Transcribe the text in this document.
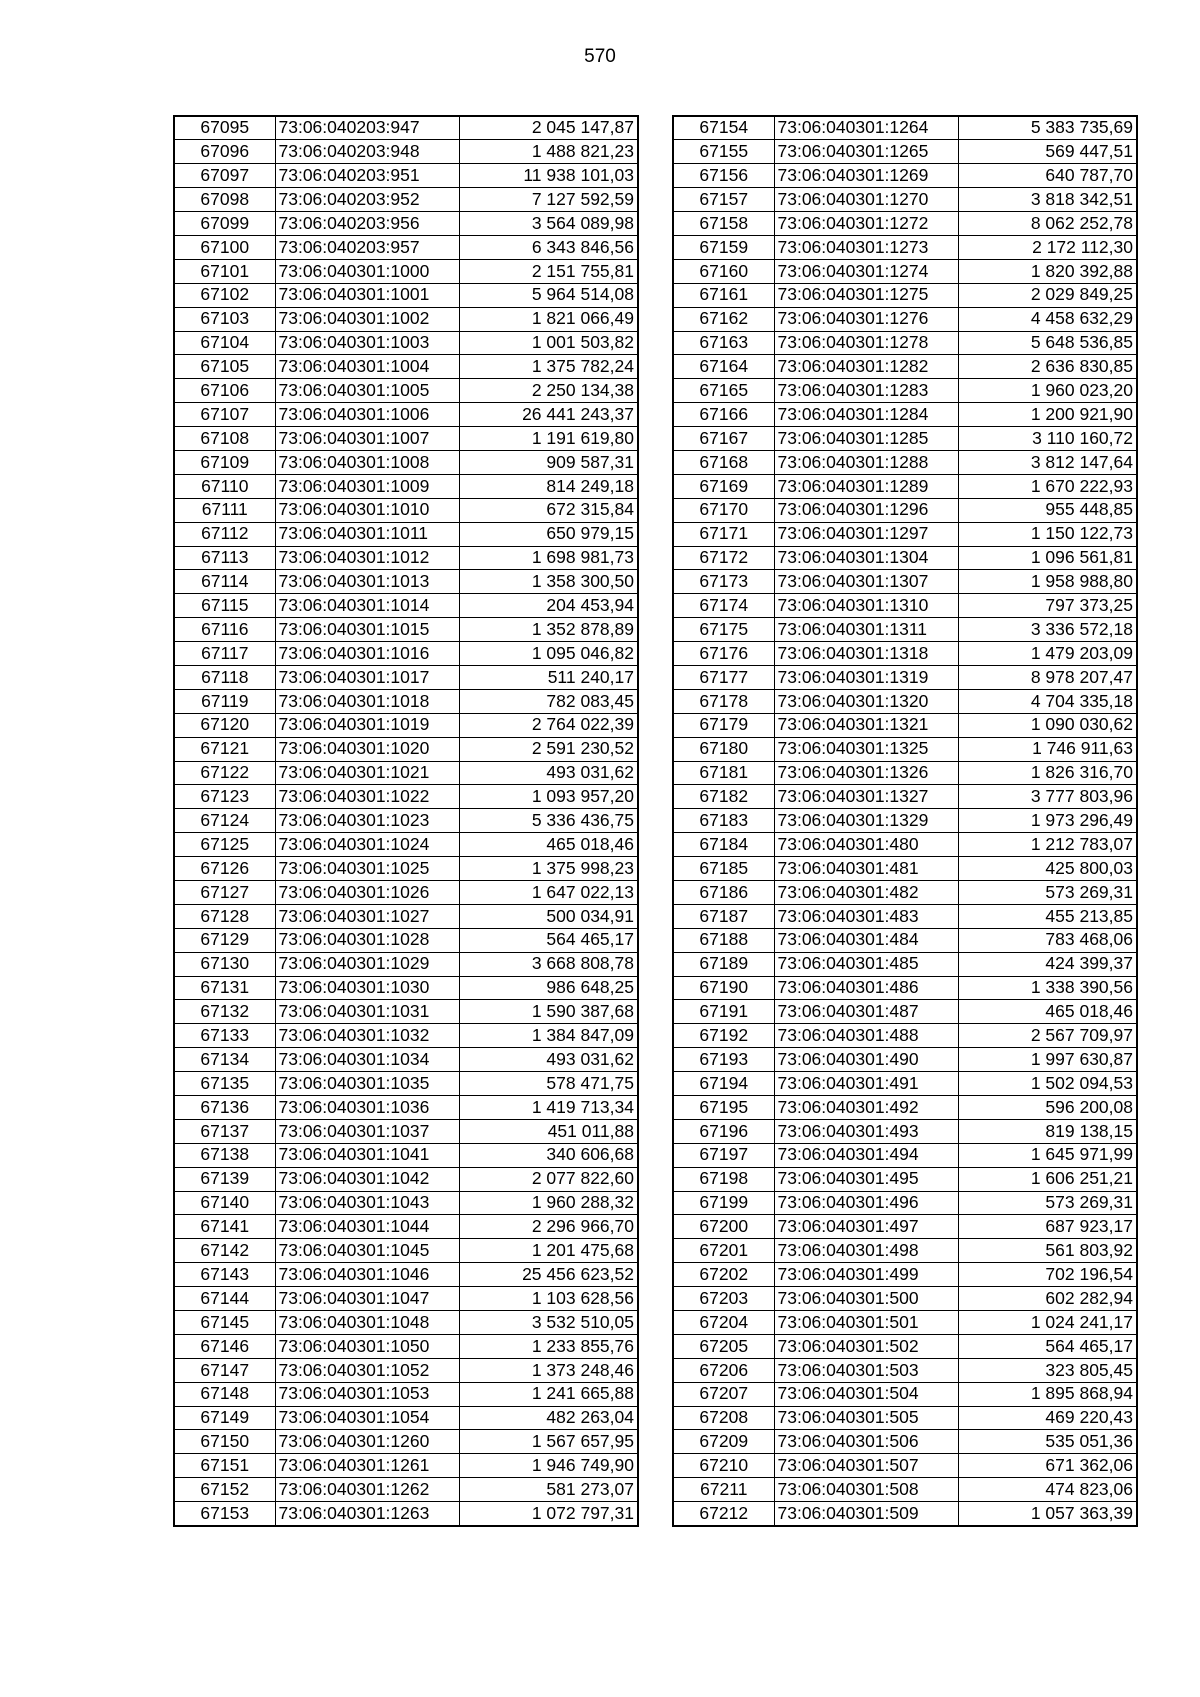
570
67095	73:06:040203:947	2 045 147,87
67096	73:06:040203:948	1 488 821,23
67097	73:06:040203:951	11 938 101,03
67098	73:06:040203:952	7 127 592,59
67099	73:06:040203:956	3 564 089,98
67100	73:06:040203:957	6 343 846,56
67101	73:06:040301:1000	2 151 755,81
67102	73:06:040301:1001	5 964 514,08
67103	73:06:040301:1002	1 821 066,49
67104	73:06:040301:1003	1 001 503,82
67105	73:06:040301:1004	1 375 782,24
67106	73:06:040301:1005	2 250 134,38
67107	73:06:040301:1006	26 441 243,37
67108	73:06:040301:1007	1 191 619,80
67109	73:06:040301:1008	909 587,31
67110	73:06:040301:1009	814 249,18
67111	73:06:040301:1010	672 315,84
67112	73:06:040301:1011	650 979,15
67113	73:06:040301:1012	1 698 981,73
67114	73:06:040301:1013	1 358 300,50
67115	73:06:040301:1014	204 453,94
67116	73:06:040301:1015	1 352 878,89
67117	73:06:040301:1016	1 095 046,82
67118	73:06:040301:1017	511 240,17
67119	73:06:040301:1018	782 083,45
67120	73:06:040301:1019	2 764 022,39
67121	73:06:040301:1020	2 591 230,52
67122	73:06:040301:1021	493 031,62
67123	73:06:040301:1022	1 093 957,20
67124	73:06:040301:1023	5 336 436,75
67125	73:06:040301:1024	465 018,46
67126	73:06:040301:1025	1 375 998,23
67127	73:06:040301:1026	1 647 022,13
67128	73:06:040301:1027	500 034,91
67129	73:06:040301:1028	564 465,17
67130	73:06:040301:1029	3 668 808,78
67131	73:06:040301:1030	986 648,25
67132	73:06:040301:1031	1 590 387,68
67133	73:06:040301:1032	1 384 847,09
67134	73:06:040301:1034	493 031,62
67135	73:06:040301:1035	578 471,75
67136	73:06:040301:1036	1 419 713,34
67137	73:06:040301:1037	451 011,88
67138	73:06:040301:1041	340 606,68
67139	73:06:040301:1042	2 077 822,60
67140	73:06:040301:1043	1 960 288,32
67141	73:06:040301:1044	2 296 966,70
67142	73:06:040301:1045	1 201 475,68
67143	73:06:040301:1046	25 456 623,52
67144	73:06:040301:1047	1 103 628,56
67145	73:06:040301:1048	3 532 510,05
67146	73:06:040301:1050	1 233 855,76
67147	73:06:040301:1052	1 373 248,46
67148	73:06:040301:1053	1 241 665,88
67149	73:06:040301:1054	482 263,04
67150	73:06:040301:1260	1 567 657,95
67151	73:06:040301:1261	1 946 749,90
67152	73:06:040301:1262	581 273,07
67153	73:06:040301:1263	1 072 797,31
67154	73:06:040301:1264	5 383 735,69
67155	73:06:040301:1265	569 447,51
67156	73:06:040301:1269	640 787,70
67157	73:06:040301:1270	3 818 342,51
67158	73:06:040301:1272	8 062 252,78
67159	73:06:040301:1273	2 172 112,30
67160	73:06:040301:1274	1 820 392,88
67161	73:06:040301:1275	2 029 849,25
67162	73:06:040301:1276	4 458 632,29
67163	73:06:040301:1278	5 648 536,85
67164	73:06:040301:1282	2 636 830,85
67165	73:06:040301:1283	1 960 023,20
67166	73:06:040301:1284	1 200 921,90
67167	73:06:040301:1285	3 110 160,72
67168	73:06:040301:1288	3 812 147,64
67169	73:06:040301:1289	1 670 222,93
67170	73:06:040301:1296	955 448,85
67171	73:06:040301:1297	1 150 122,73
67172	73:06:040301:1304	1 096 561,81
67173	73:06:040301:1307	1 958 988,80
67174	73:06:040301:1310	797 373,25
67175	73:06:040301:1311	3 336 572,18
67176	73:06:040301:1318	1 479 203,09
67177	73:06:040301:1319	8 978 207,47
67178	73:06:040301:1320	4 704 335,18
67179	73:06:040301:1321	1 090 030,62
67180	73:06:040301:1325	1 746 911,63
67181	73:06:040301:1326	1 826 316,70
67182	73:06:040301:1327	3 777 803,96
67183	73:06:040301:1329	1 973 296,49
67184	73:06:040301:480	1 212 783,07
67185	73:06:040301:481	425 800,03
67186	73:06:040301:482	573 269,31
67187	73:06:040301:483	455 213,85
67188	73:06:040301:484	783 468,06
67189	73:06:040301:485	424 399,37
67190	73:06:040301:486	1 338 390,56
67191	73:06:040301:487	465 018,46
67192	73:06:040301:488	2 567 709,97
67193	73:06:040301:490	1 997 630,87
67194	73:06:040301:491	1 502 094,53
67195	73:06:040301:492	596 200,08
67196	73:06:040301:493	819 138,15
67197	73:06:040301:494	1 645 971,99
67198	73:06:040301:495	1 606 251,21
67199	73:06:040301:496	573 269,31
67200	73:06:040301:497	687 923,17
67201	73:06:040301:498	561 803,92
67202	73:06:040301:499	702 196,54
67203	73:06:040301:500	602 282,94
67204	73:06:040301:501	1 024 241,17
67205	73:06:040301:502	564 465,17
67206	73:06:040301:503	323 805,45
67207	73:06:040301:504	1 895 868,94
67208	73:06:040301:505	469 220,43
67209	73:06:040301:506	535 051,36
67210	73:06:040301:507	671 362,06
67211	73:06:040301:508	474 823,06
67212	73:06:040301:509	1 057 363,39
